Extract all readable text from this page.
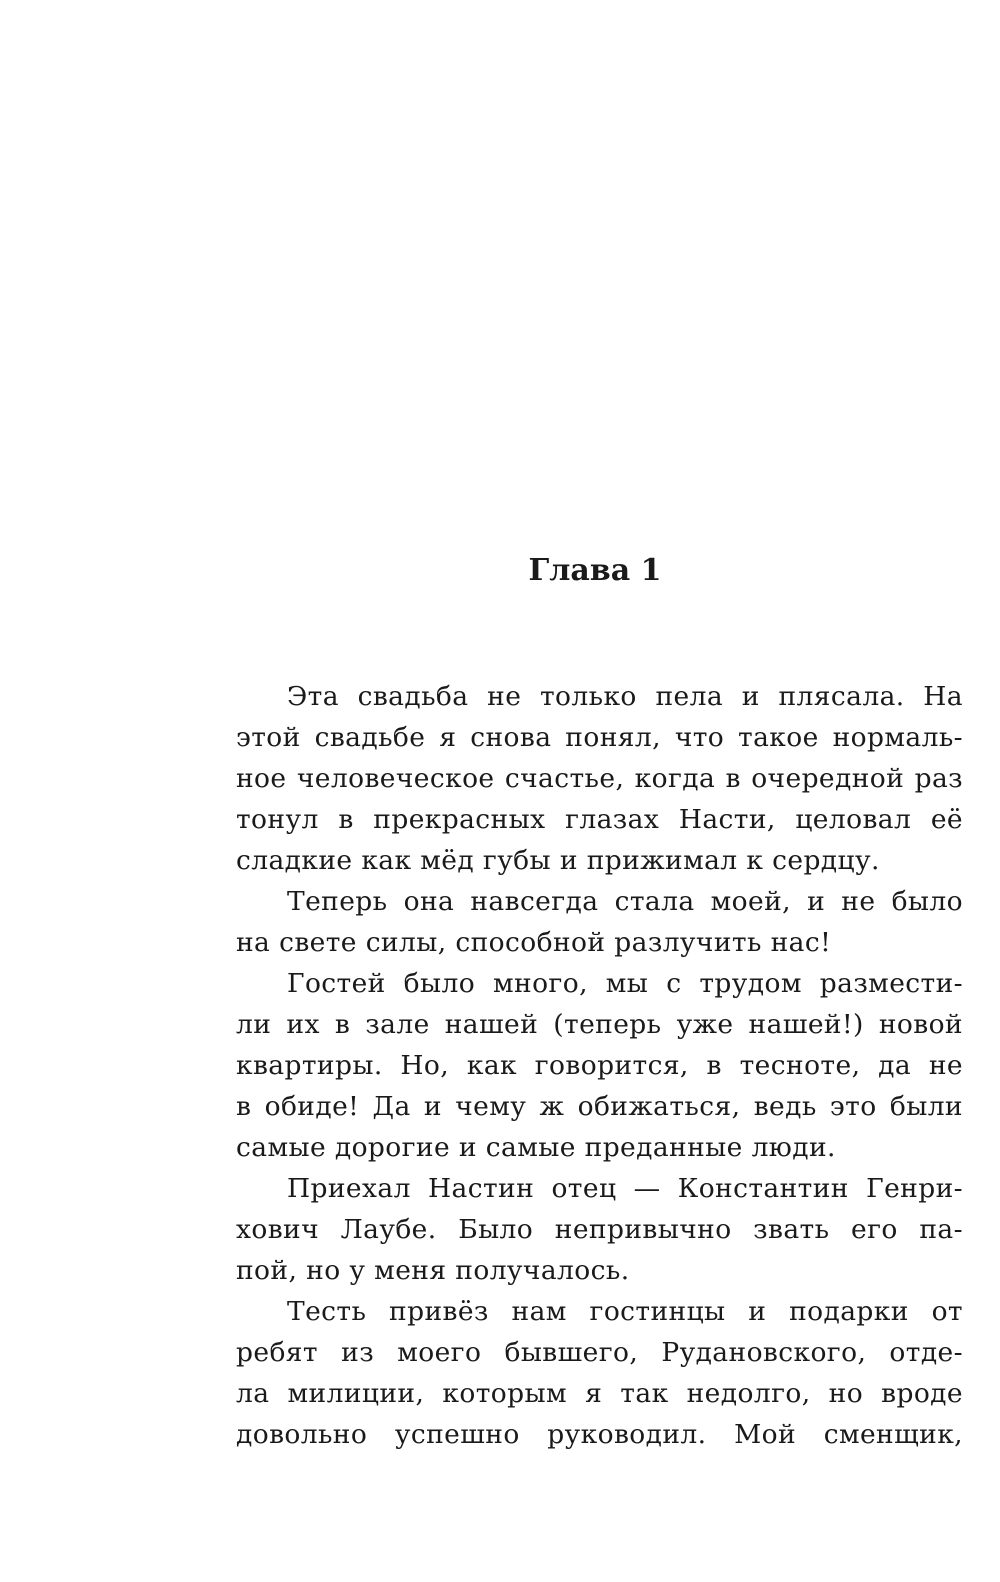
Глава 1
Эта свадьба не только пела и плясала. На
этой свадьбе я снова понял, что такое нормаль-
ное человеческое счастье, когда в очередной раз
тонул в прекрасных глазах Насти, целовал её
сладкие как мёд губы и прижимал к сердцу.
Теперь она навсегда стала моей, и не было
на свете силы, способной разлучить нас!
Гостей было много, мы с трудом размести-
ли их в зале нашей (теперь уже нашей!) новой
квартиры. Но, как говорится, в тесноте, да не
в обиде! Да и чему ж обижаться, ведь это были
самые дорогие и самые преданные люди.
Приехал Настин отец — Константин Генри-
хович Лаубе. Было непривычно звать его па-
пой, но у меня получалось.
Тесть привёз нам гостинцы и подарки от
ребят из моего бывшего, Рудановского, отде-
ла милиции, которым я так недолго, но вроде
довольно успешно руководил. Мой сменщик,
